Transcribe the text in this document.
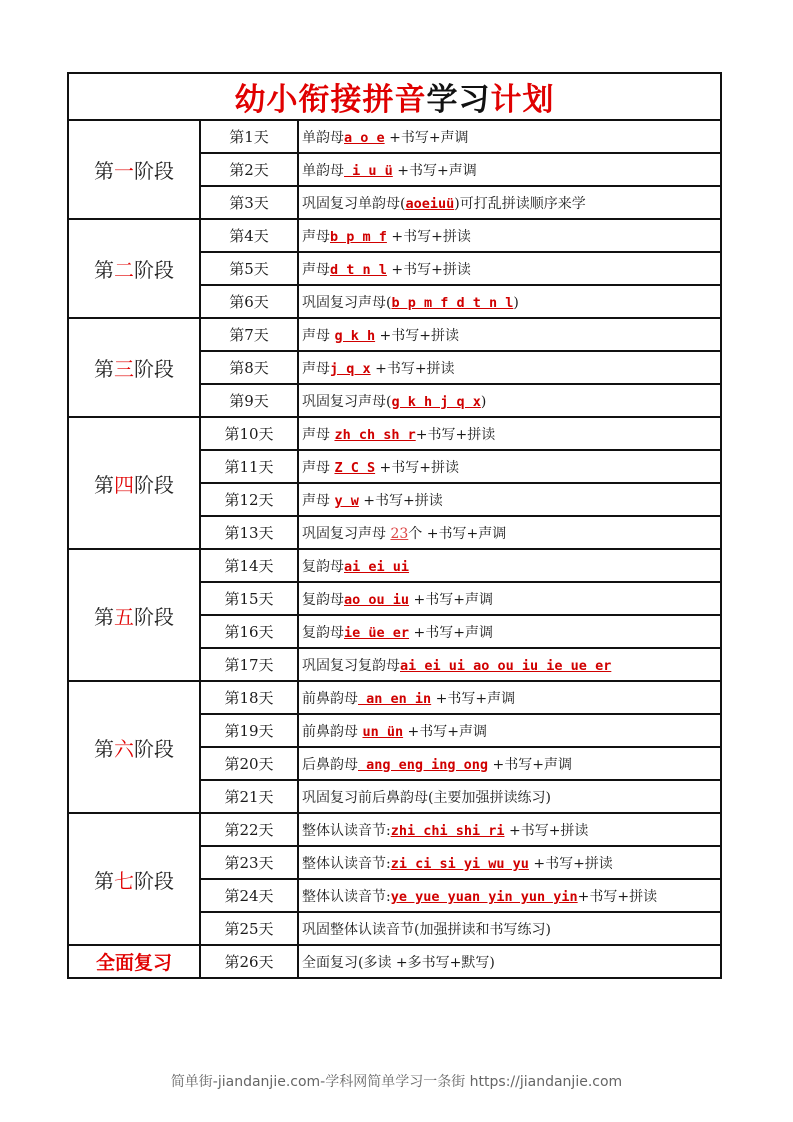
幼小衔接拼音学习计划		
第一阶段	第1天	单韵母a o e +书写+声调
	第2天	单韵母 i u ü +书写+声调
	第3天	巩固复习单韵母(aoeiuü)可打乱拼读顺序来学
第二阶段	第4天	声母b p m f +书写+拼读
	第5天	声母d t n l +书写+拼读
	第6天	巩固复习声母(b p m f d t n l)
第三阶段	第7天	声母 g k h +书写+拼读
	第8天	声母j q x +书写+拼读
	第9天	巩固复习声母(g k h j q x)
第四阶段	第10天	声母 zh ch sh r+书写+拼读
	第11天	声母 Z C S +书写+拼读
	第12天	声母 y w +书写+拼读
	第13天	巩固复习声母 23个 +书写+声调
第五阶段	第14天	复韵母ai ei ui
	第15天	复韵母ao ou iu +书写+声调
	第16天	复韵母ie üe er +书写+声调
	第17天	巩固复习复韵母ai ei ui ao ou iu ie ue er
第六阶段	第18天	前鼻韵母 an en in +书写+声调
	第19天	前鼻韵母 un ün +书写+声调
	第20天	后鼻韵母 ang eng ing ong +书写+声调
	第21天	巩固复习前后鼻韵母(主要加强拼读练习)
第七阶段	第22天	整体认读音节:zhi chi shi ri +书写+拼读
	第23天	整体认读音节:zi ci si yi wu yu +书写+拼读
	第24天	整体认读音节:ye yue yuan yin yun yin+书写+拼读
	第25天	巩固整体认读音节(加强拼读和书写练习)
全面复习	第26天	全面复习(多读 +多书写+默写)
简单街-jiandanjie.com-学科网简单学习一条街 https://jiandanjie.com
